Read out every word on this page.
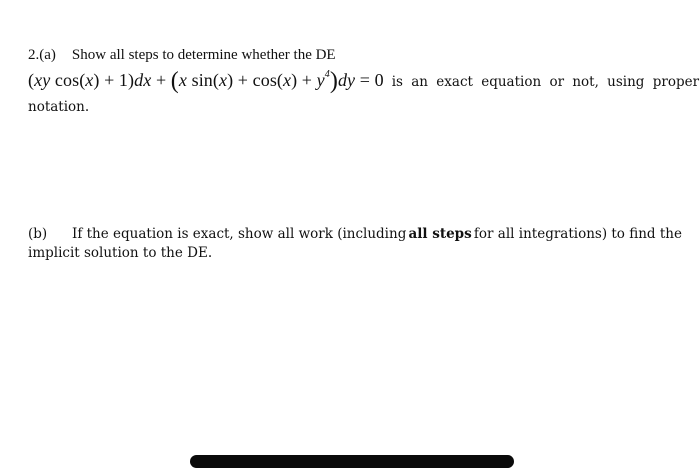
2.(a) Show all steps to determine whether the DE
(xy cos(x) + 1)dx + (x $\sin(x) + \cos(x) + y^4)dy = 0$ is an exact equation or not, using proper
notation.
(b) If the equation is exact, show all work (including all steps for all integrations) to find the
implicit solution to the DE.
